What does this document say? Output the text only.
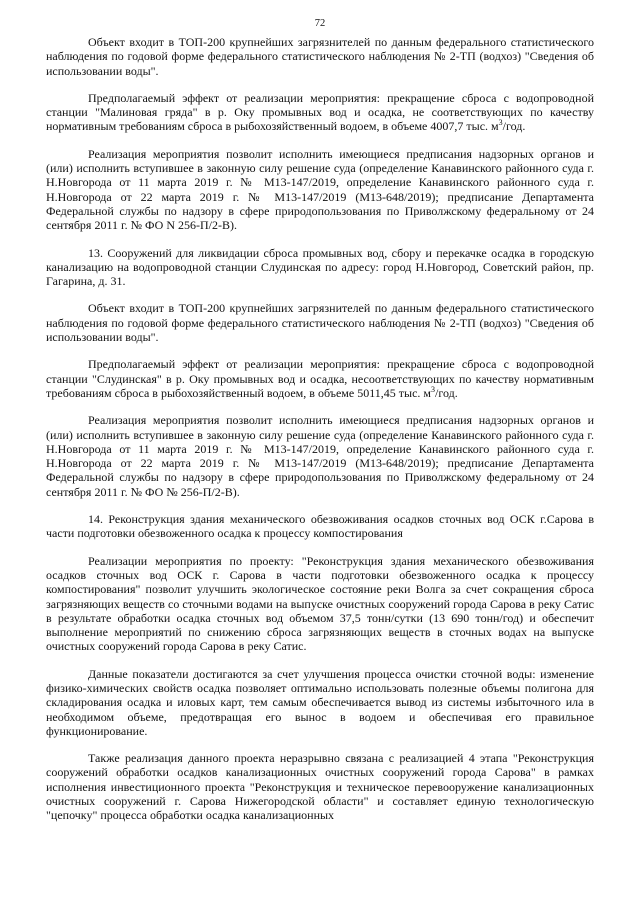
72

Объект входит в ТОП-200 крупнейших загрязнителей по данным федерального статистического наблюдения по годовой форме федерального статистического наблюдения № 2-ТП (водхоз) "Сведения об использовании воды".

Предполагаемый эффект от реализации мероприятия: прекращение сброса с водопроводной станции "Малиновая гряда" в р. Оку промывных вод и осадка, не соответствующих по качеству нормативным требованиям сброса в рыбохозяйственный водоем, в объеме 4007,7 тыс. $м^3$/год.

Реализация мероприятия позволит исполнить имеющиеся предписания надзорных органов и (или) исполнить вступившее в законную силу решение суда (определение Канавинского районного суда г. Н.Новгорода от 11 марта 2019 г. № М13-147/2019, определение Канавинского районного суда г. Н.Новгорода от 22 марта 2019 г. № М13-147/2019 (М13-648/2019); предписание Департамента Федеральной службы по надзору в сфере природопользования по Приволжскому федеральному от 24 сентября 2011 г. № ФО N 256-П/2-В).

13. Сооружений для ликвидации сброса промывных вод, сбору и перекачке осадка в городскую канализацию на водопроводной станции Слудинская по адресу: город Н.Новгород, Советский район, пр. Гагарина, д. 31.

Объект входит в ТОП-200 крупнейших загрязнителей по данным федерального статистического наблюдения по годовой форме федерального статистического наблюдения № 2-ТП (водхоз) "Сведения об использовании воды".

Предполагаемый эффект от реализации мероприятия: прекращение сброса с водопроводной станции "Слудинская" в р. Оку промывных вод и осадка, несоответствующих по качеству нормативным требованиям сброса в рыбохозяйственный водоем, в объеме 5011,45 тыс. $м^3$/год.

Реализация мероприятия позволит исполнить имеющиеся предписания надзорных органов и (или) исполнить вступившее в законную силу решение суда (определение Канавинского районного суда г. Н.Новгорода от 11 марта 2019 г. № М13-147/2019, определение Канавинского районного суда г. Н.Новгорода от 22 марта 2019 г. № М13-147/2019 (М13-648/2019); предписание Департамента Федеральной службы по надзору в сфере природопользования по Приволжскому федеральному от 24 сентября 2011 г. № ФО № 256-П/2-В).

14. Реконструкция здания механического обезвоживания осадков сточных вод ОСК г.Сарова в части подготовки обезвоженного осадка к процессу компостирования

Реализации мероприятия по проекту: "Реконструкция здания механического обезвоживания осадков сточных вод ОСК г. Сарова в части подготовки обезвоженного осадка к процессу компостирования" позволит улучшить экологическое состояние реки Волга за счет сокращения сброса загрязняющих веществ со сточными водами на выпуске очистных сооружений города Сарова в реку Сатис в результате обработки осадка сточных вод объемом 37,5 тонн/сутки (13 690 тонн/год) и обеспечит выполнение мероприятий по снижению сброса загрязняющих веществ в сточных водах на выпуске очистных сооружений города Сарова в реку Сатис.

Данные показатели достигаются за счет улучшения процесса очистки сточной воды: изменение физико-химических свойств осадка позволяет оптимально использовать полезные объемы полигона для складирования осадка и иловых карт, тем самым обеспечивается вывод из системы избыточного ила в необходимом объеме, предотвращая его вынос в водоем и обеспечивая его правильное функционирование.

Также реализация данного проекта неразрывно связана с реализацией 4 этапа "Реконструкция сооружений обработки осадков канализационных очистных сооружений города Сарова" в рамках исполнения инвестиционного проекта "Реконструкция и техническое перевооружение канализационных очистных сооружений г. Сарова Нижегородской области" и составляет единую технологическую "цепочку" процесса обработки осадка канализационных
